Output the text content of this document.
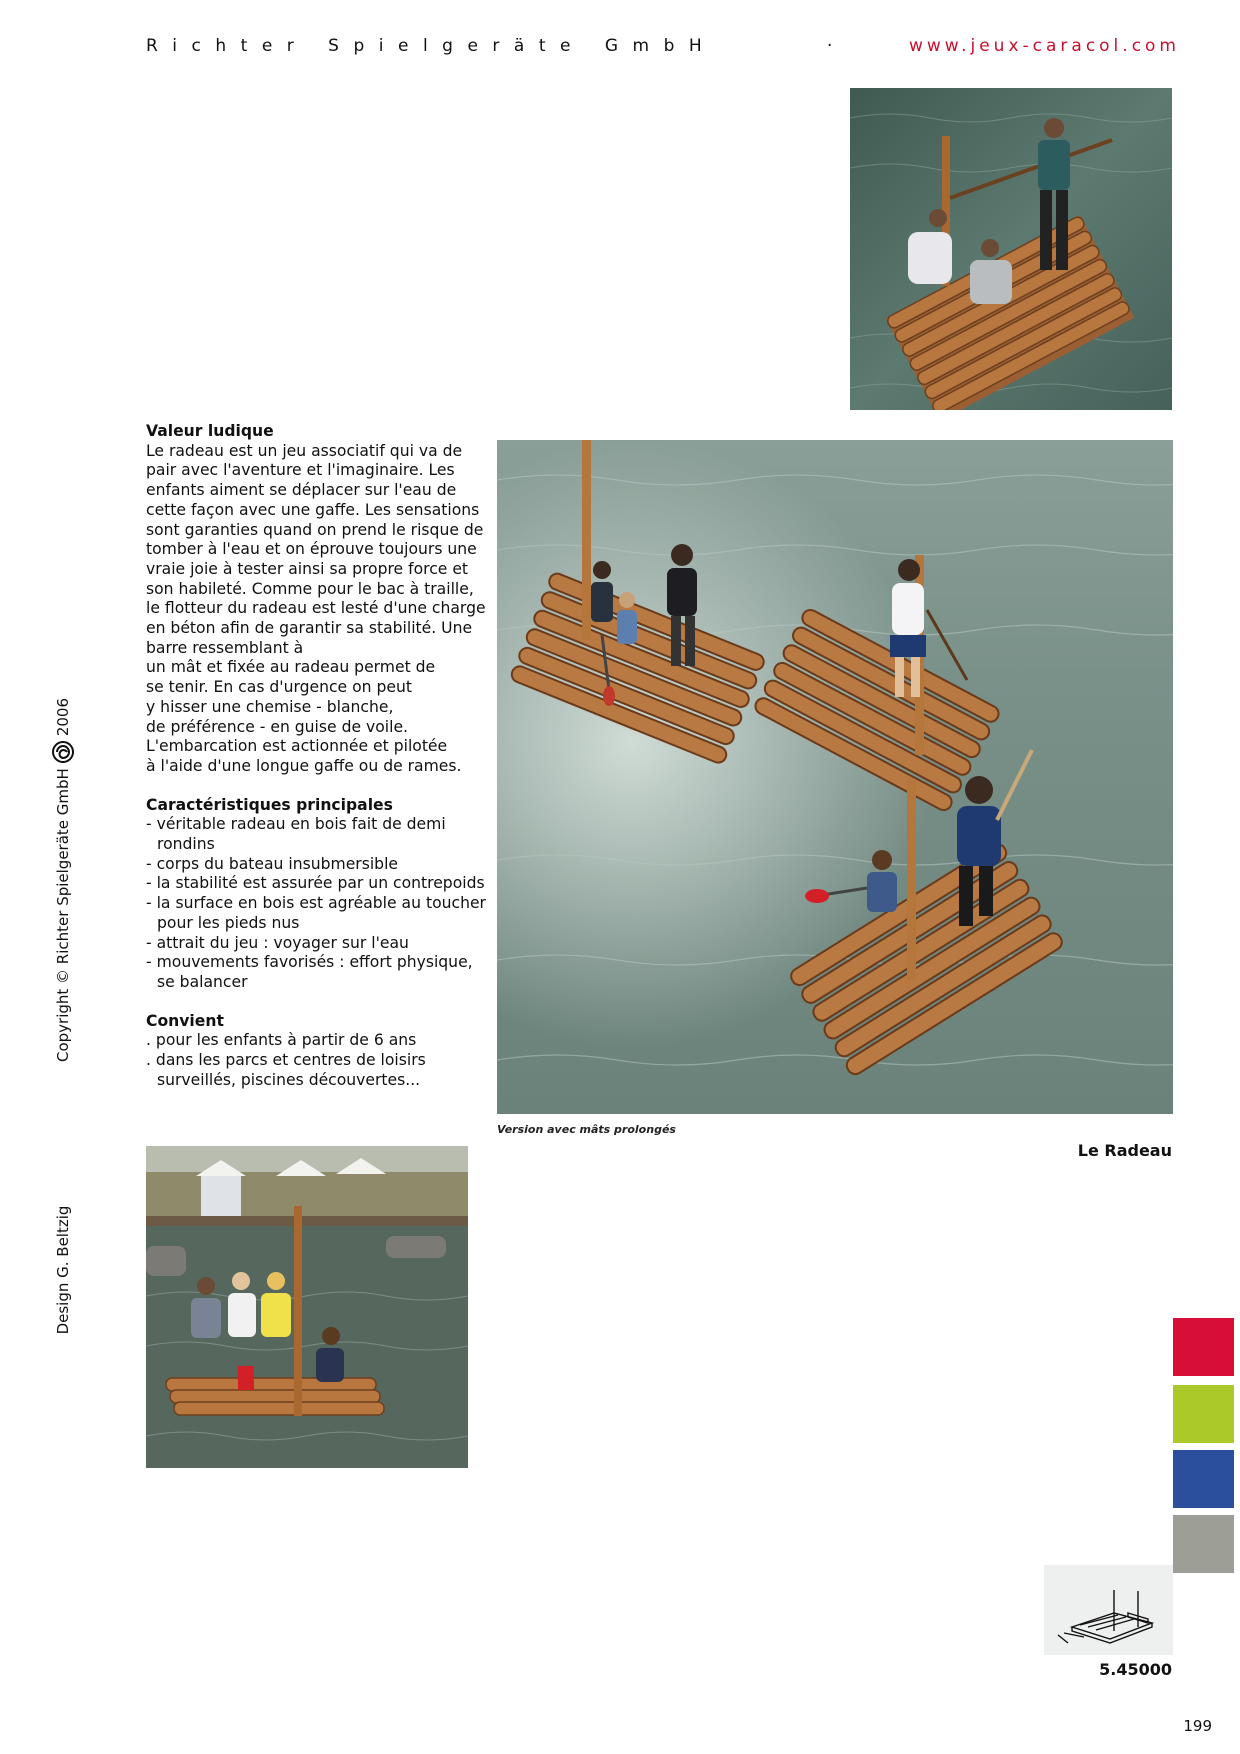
Richter Spielgeräte GmbH	·	www.jeux-caracol.com
Version avec mâts prolongés
Le Radeau
Valeur ludique

Le radeau est un jeu associatif qui va de pair avec l'aventure et l'imaginaire. Les enfants aiment se déplacer sur l'eau de cette façon avec une gaffe. Les sensations sont garanties quand on prend le risque de tomber à l'eau et on éprouve toujours une vraie joie à tester ainsi sa propre force et son habileté. Comme pour le bac à traille, le flotteur du radeau est lesté d'une charge en béton afin de garantir sa stabilité. Une barre ressemblant à
un mât et fixée au radeau permet de
se tenir. En cas d'urgence on peut
y hisser une chemise - blanche,
de préférence - en guise de voile.
L'embarcation est actionnée et pilotée
à l'aide d'une longue gaffe ou de rames.

Caractéristiques principales
- véritable radeau en bois fait de demi rondins
- corps du bateau insubmersible
- la stabilité est assurée par un contrepoids
- la surface en bois est agréable au toucher pour les pieds nus
- attrait du jeu : voyager sur l'eau
- mouvements favorisés : effort physique, se balancer
Convient
. pour les enfants à partir de 6 ans
. dans les parcs et centres de loisirs surveillés, piscines découvertes...
Copyright © Richter Spielgeräte GmbH
2006
Design G. Beltzig
5.45000
199
